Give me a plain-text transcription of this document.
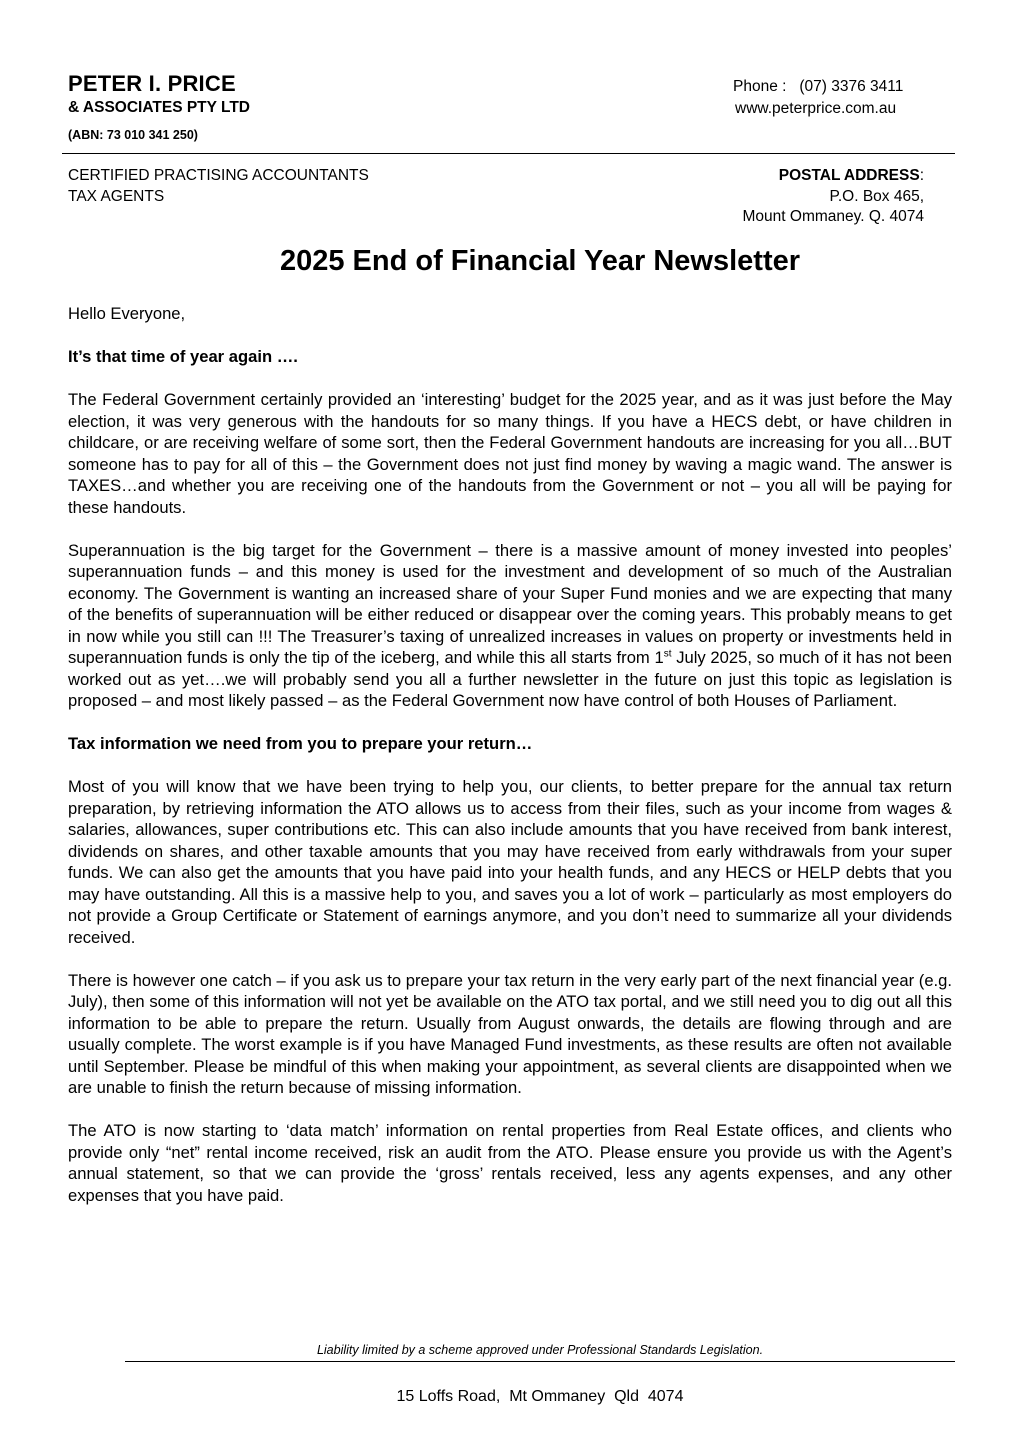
PETER I. PRICE
& ASSOCIATES PTY LTD
(ABN: 73 010 341 250)
Phone :   (07) 3376 3411
www.peterprice.com.au
CERTIFIED PRACTISING ACCOUNTANTS
TAX AGENTS
POSTAL ADDRESS:
P.O. Box 465,
Mount Ommaney. Q. 4074
2025 End of Financial Year Newsletter

Hello Everyone,

It’s that time of year again ….

The Federal Government certainly provided an ‘interesting’ budget for the 2025 year, and as it was just before the May election, it was very generous with the handouts for so many things. If you have a HECS debt, or have children in childcare, or are receiving welfare of some sort, then the Federal Government handouts are increasing for you all…BUT someone has to pay for all of this – the Government does not just find money by waving a magic wand. The answer is TAXES…and whether you are receiving one of the handouts from the Government or not – you all will be paying for these handouts.

Superannuation is the big target for the Government – there is a massive amount of money invested into peoples’ superannuation funds – and this money is used for the investment and development of so much of the Australian economy. The Government is wanting an increased share of your Super Fund monies and we are expecting that many of the benefits of superannuation will be either reduced or disappear over the coming years. This probably means to get in now while you still can !!! The Treasurer’s taxing of unrealized increases in values on property or investments held in superannuation funds is only the tip of the iceberg, and while this all starts from 1st July 2025, so much of it has not been worked out as yet….we will probably send you all a further newsletter in the future on just this topic as legislation is proposed – and most likely passed – as the Federal Government now have control of both Houses of Parliament.

Tax information we need from you to prepare your return…

Most of you will know that we have been trying to help you, our clients, to better prepare for the annual tax return preparation, by retrieving information the ATO allows us to access from their files, such as your income from wages & salaries, allowances, super contributions etc. This can also include amounts that you have received from bank interest, dividends on shares, and other taxable amounts that you may have received from early withdrawals from your super funds. We can also get the amounts that you have paid into your health funds, and any HECS or HELP debts that you may have outstanding. All this is a massive help to you, and saves you a lot of work – particularly as most employers do not provide a Group Certificate or Statement of earnings anymore, and you don’t need to summarize all your dividends received.

There is however one catch – if you ask us to prepare your tax return in the very early part of the next financial year (e.g. July), then some of this information will not yet be available on the ATO tax portal, and we still need you to dig out all this information to be able to prepare the return. Usually from August onwards, the details are flowing through and are usually complete. The worst example is if you have Managed Fund investments, as these results are often not available until September. Please be mindful of this when making your appointment, as several clients are disappointed when we are unable to finish the return because of missing information.

The ATO is now starting to ‘data match’ information on rental properties from Real Estate offices, and clients who provide only “net” rental income received, risk an audit from the ATO. Please ensure you provide us with the Agent’s annual statement, so that we can provide the ‘gross’ rentals received, less any agents expenses, and any other expenses that you have paid.

Liability limited by a scheme approved under Professional Standards Legislation.
15 Loffs Road,  Mt Ommaney  Qld  4074
